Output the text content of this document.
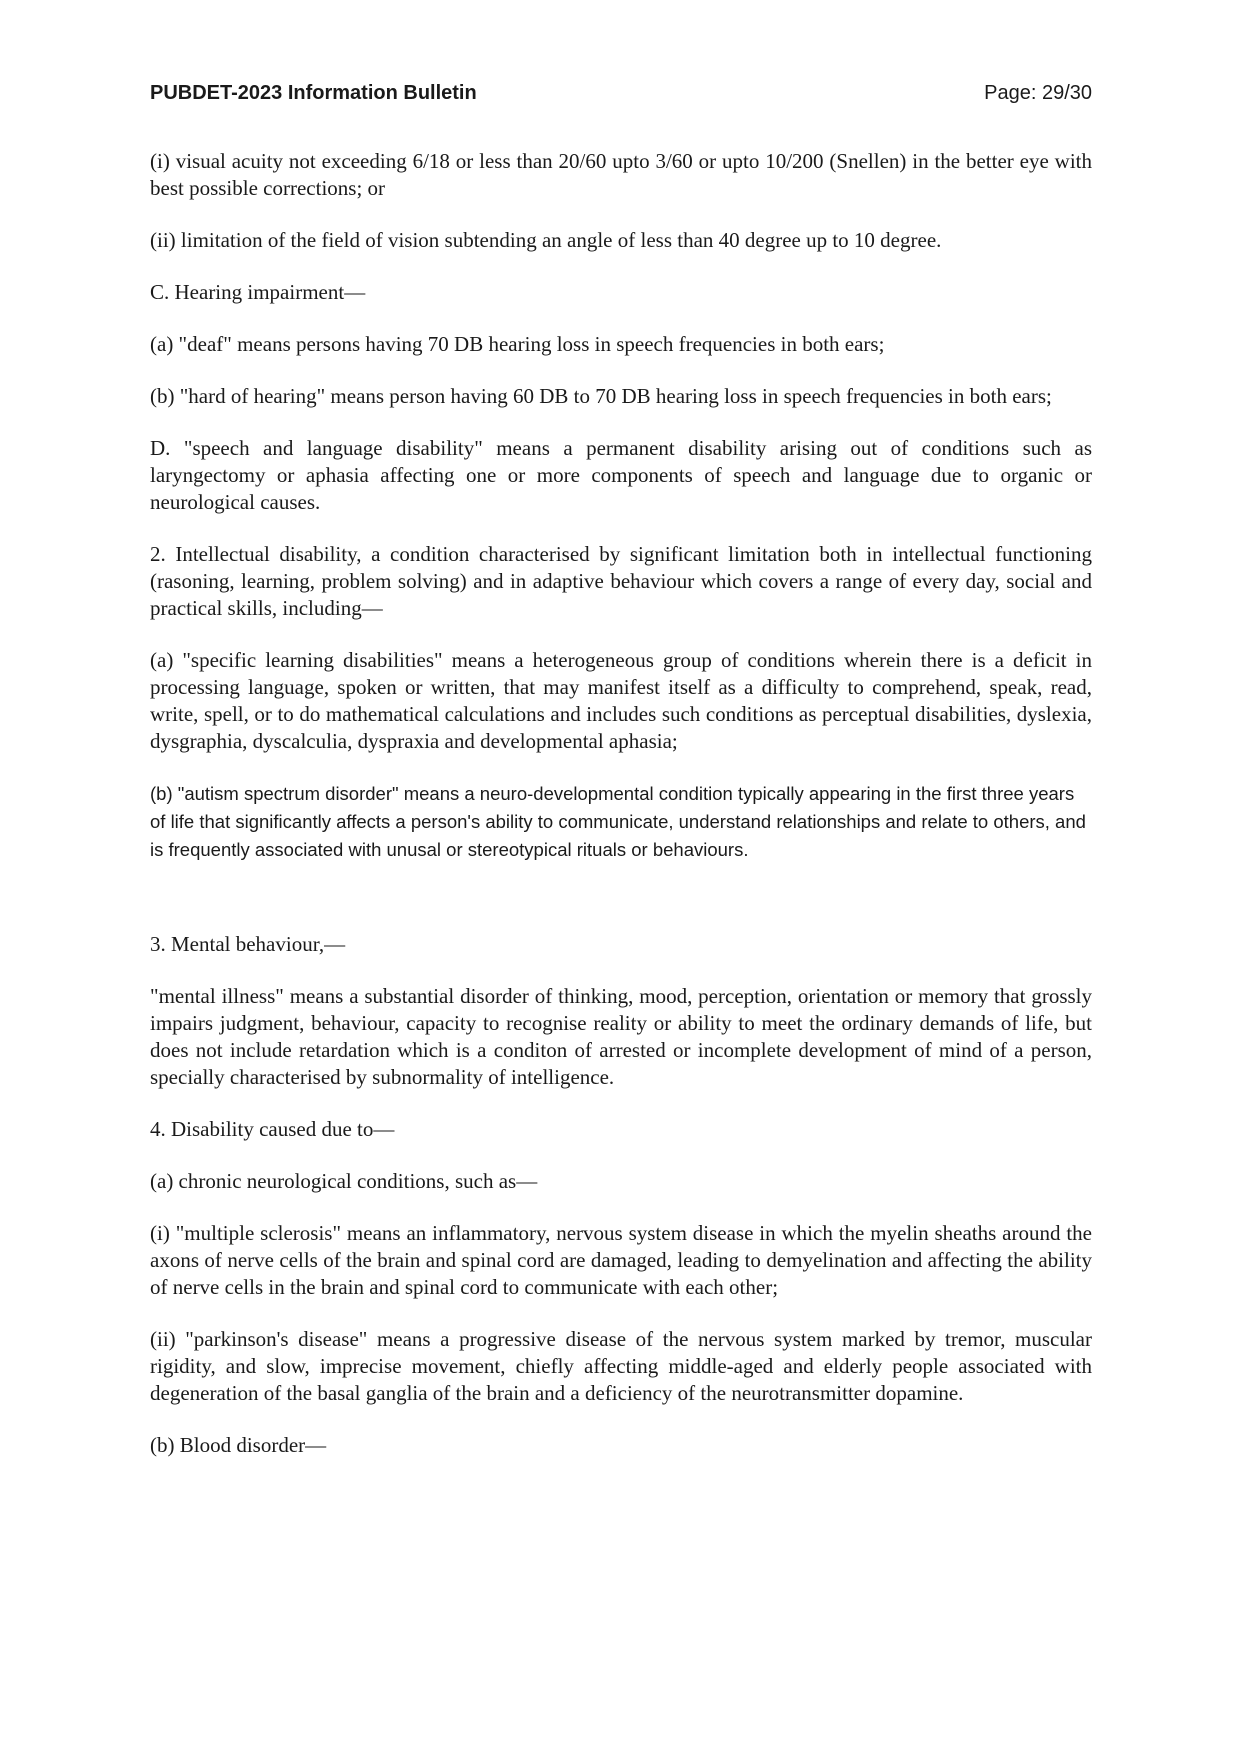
PUBDET-2023 Information Bulletin	Page: 29/30

(i) visual acuity not exceeding 6/18 or less than 20/60 upto 3/60 or upto 10/200 (Snellen) in the better eye with best possible corrections; or

(ii) limitation of the field of vision subtending an angle of less than 40 degree up to 10 degree.

C. Hearing impairment—

(a) "deaf" means persons having 70 DB hearing loss in speech frequencies in both ears;

(b) "hard of hearing" means person having 60 DB to 70 DB hearing loss in speech frequencies in both ears;

D. "speech and language disability" means a permanent disability arising out of conditions such as laryngectomy or aphasia affecting one or more components of speech and language due to organic or neurological causes.

2. Intellectual disability, a condition characterised by significant limitation both in intellectual functioning (rasoning, learning, problem solving) and in adaptive behaviour which covers a range of every day, social and practical skills, including—

(a) "specific learning disabilities" means a heterogeneous group of conditions wherein there is a deficit in processing language, spoken or written, that may manifest itself as a difficulty to comprehend, speak, read, write, spell, or to do mathematical calculations and includes such conditions as perceptual disabilities, dyslexia, dysgraphia, dyscalculia, dyspraxia and developmental aphasia;

(b) "autism spectrum disorder" means a neuro-developmental condition typically appearing in the first three years of life that significantly affects a person's ability to communicate, understand relationships and relate to others, and is frequently associated with unusal or stereotypical rituals or behaviours.

3. Mental behaviour,—

"mental illness" means a substantial disorder of thinking, mood, perception, orientation or memory that grossly impairs judgment, behaviour, capacity to recognise reality or ability to meet the ordinary demands of life, but does not include retardation which is a conditon of arrested or incomplete development of mind of a person, specially characterised by subnormality of intelligence.

4. Disability caused due to—

(a) chronic neurological conditions, such as—

(i) "multiple sclerosis" means an inflammatory, nervous system disease in which the myelin sheaths around the axons of nerve cells of the brain and spinal cord are damaged, leading to demyelination and affecting the ability of nerve cells in the brain and spinal cord to communicate with each other;

(ii) "parkinson's disease" means a progressive disease of the nervous system marked by tremor, muscular rigidity, and slow, imprecise movement, chiefly affecting middle-aged and elderly people associated with degeneration of the basal ganglia of the brain and a deficiency of the neurotransmitter dopamine.

(b) Blood disorder—
